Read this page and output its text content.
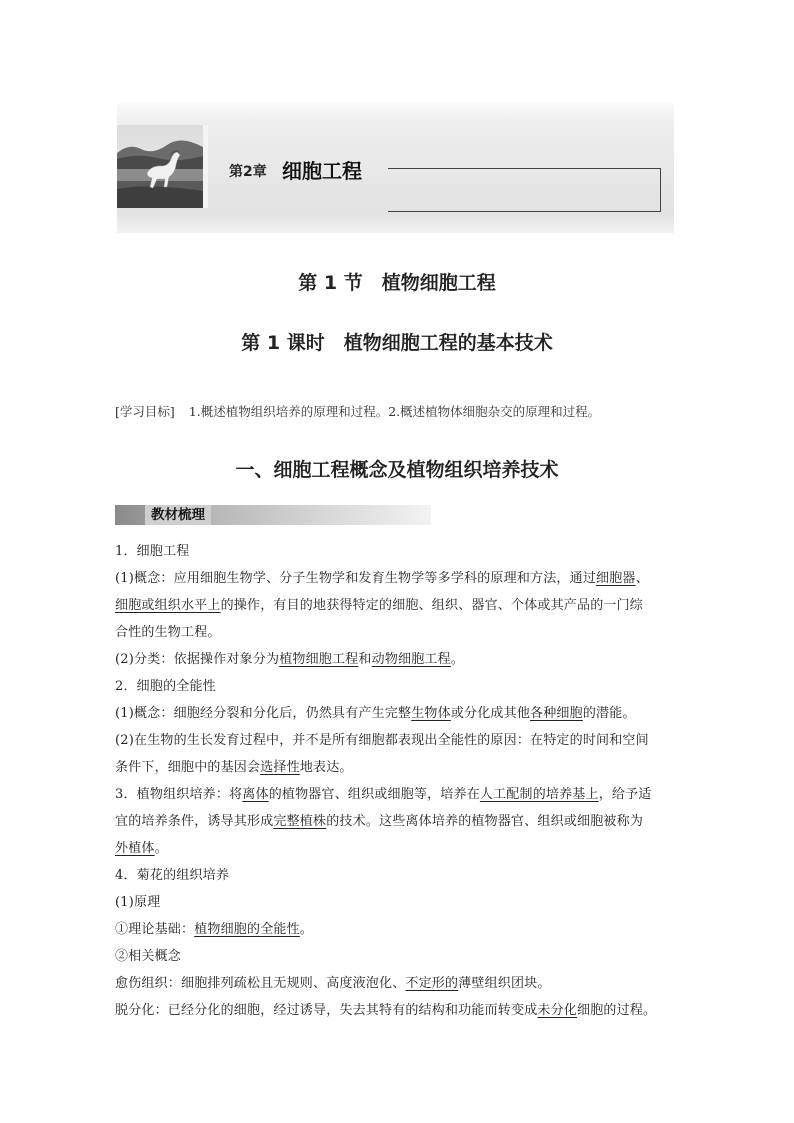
第2章 细胞工程
第 1 节　植物细胞工程
第 1 课时　植物细胞工程的基本技术
[学习目标] 1.概述植物组织培养的原理和过程。2.概述植物体细胞杂交的原理和过程。
一、细胞工程概念及植物组织培养技术
教材梳理
1．细胞工程
(1)概念：应用细胞生物学、分子生物学和发育生物学等多学科的原理和方法，通过细胞器、
细胞或组织水平上的操作，有目的地获得特定的细胞、组织、器官、个体或其产品的一门综
合性的生物工程。
(2)分类：依据操作对象分为植物细胞工程和动物细胞工程。
2．细胞的全能性
(1)概念：细胞经分裂和分化后，仍然具有产生完整生物体或分化成其他各种细胞的潜能。
(2)在生物的生长发育过程中，并不是所有细胞都表现出全能性的原因：在特定的时间和空间
条件下，细胞中的基因会选择性地表达。
3．植物组织培养：将离体的植物器官、组织或细胞等，培养在人工配制的培养基上，给予适
宜的培养条件，诱导其形成完整植株的技术。这些离体培养的植物器官、组织或细胞被称为
外植体。
4．菊花的组织培养
(1)原理
①理论基础：植物细胞的全能性。
②相关概念
愈伤组织：细胞排列疏松且无规则、高度液泡化、不定形的薄壁组织团块。
脱分化：已经分化的细胞，经过诱导，失去其特有的结构和功能而转变成未分化细胞的过程。
